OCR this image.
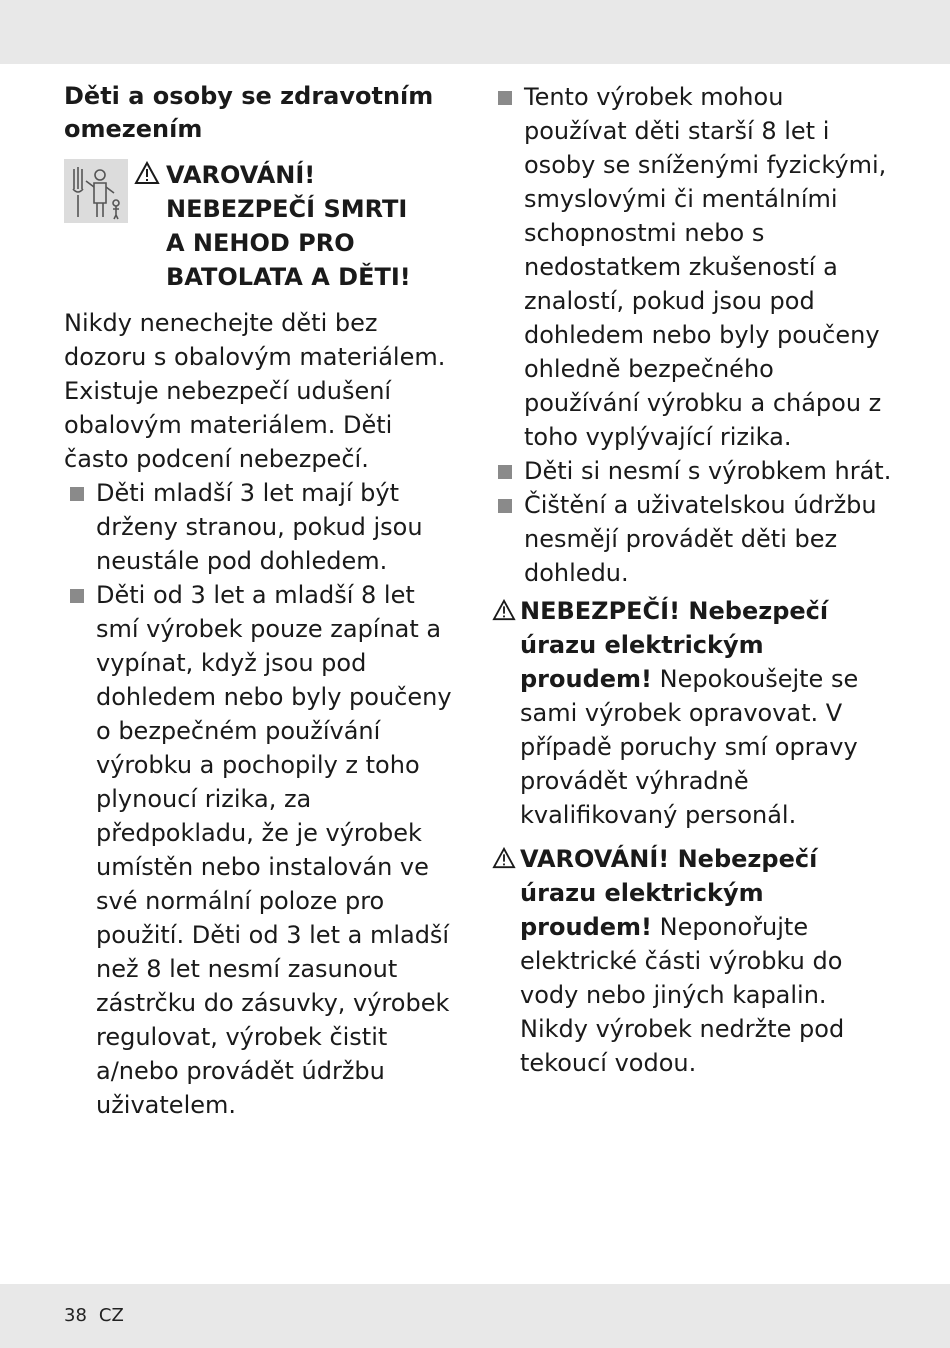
Děti a osoby se zdravotním omezením
VAROVÁNÍ!
NEBEZPEČÍ SMRTI
A NEHOD PRO
BATOLATA A DĚTI!

Nikdy nenechejte děti bez dozoru s obalovým materiálem. Existuje nebezpečí udušení obalovým materiálem. Děti často podcení nebezpečí.

Děti mladší 3 let mají být drženy stranou, pokud jsou neustále pod dohledem.
Děti od 3 let a mladší 8 let smí výrobek pouze zapínat a vypínat, když jsou pod dohledem nebo byly poučeny o bezpečném používání výrobku a pochopily z toho plynoucí rizika, za předpokladu, že je výrobek umístěn nebo instalován ve své normální poloze pro použití. Děti od 3 let a mladší než 8 let nesmí zasunout zástrčku do zásuvky, výrobek regulovat, výrobek čistit a/nebo provádět údržbu uživatelem.
Tento výrobek mohou používat děti starší 8 let i osoby se sníženými fyzickými, smyslovými či mentálními schopnostmi nebo s nedostatkem zkušeností a znalostí, pokud jsou pod dohledem nebo byly poučeny ohledně bezpečného používání výrobku a chápou z toho vyplývající rizika.
Děti si nesmí s výrobkem hrát.
Čištění a uživatelskou údržbu nesmějí provádět děti bez dohledu.
NEBEZPEČÍ! Nebezpečí úrazu elektrickým proudem! Nepokoušejte se sami výrobek opravovat. V případě poruchy smí opravy provádět výhradně kvalifikovaný personál.
VAROVÁNÍ! Nebezpečí úrazu elektrickým proudem! Neponořujte elektrické části výrobku do vody nebo jiných kapalin. Nikdy výrobek nedržte pod tekoucí vodou.
38 CZ
